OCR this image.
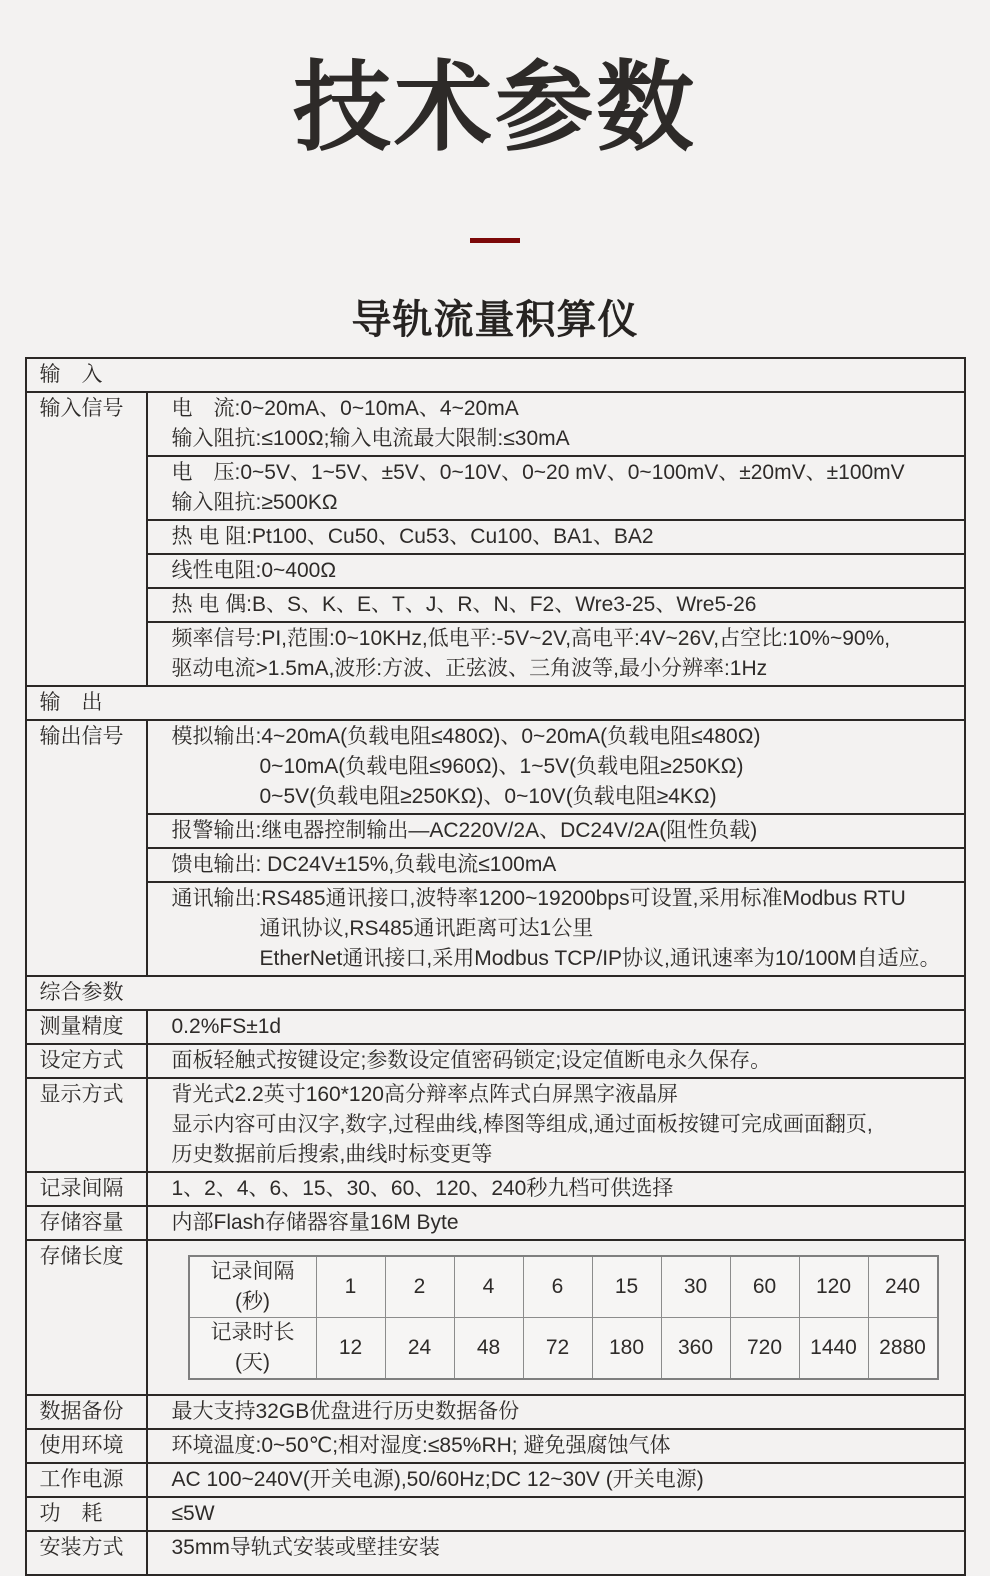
技术参数
导轨流量积算仪
输　入
输入信号	电　流:0~20mA、0~10mA、4~20mA
输入阻抗:≤100Ω;输入电流最大限制:≤30mA

电　压:0~5V、1~5V、±5V、0~10V、0~20 mV、0~100mV、±20mV、±100mV
输入阻抗:≥500KΩ

热 电 阻:Pt100、Cu50、Cu53、Cu100、BA1、BA2

线性电阻:0~400Ω

热 电 偶:B、S、K、E、T、J、R、N、F2、Wre3-25、Wre5-26

频率信号:PI,范围:0~10KHz,低电平:-5V~2V,高电平:4V~26V,占空比:10%~90%,
驱动电流>1.5mA,波形:方波、正弦波、三角波等,最小分辨率:1Hz

输　出
输出信号	模拟输出:4~20mA(负载电阻≤480Ω)、0~20mA(负载电阻≤480Ω)
0~10mA(负载电阻≤960Ω)、1~5V(负载电阻≥250KΩ)
0~5V(负载电阻≥250KΩ)、0~10V(负载电阻≥4KΩ)

报警输出:继电器控制输出—AC220V/2A、DC24V/2A(阻性负载)

馈电输出: DC24V±15%,负载电流≤100mA

通讯输出:RS485通讯接口,波特率1200~19200bps可设置,采用标准Modbus RTU
通讯协议,RS485通讯距离可达1公里
EtherNet通讯接口,采用Modbus TCP/IP协议,通讯速率为10/100M自适应。

综合参数
测量精度	0.2%FS±1d

设定方式	面板轻触式按键设定;参数设定值密码锁定;设定值断电永久保存。

显示方式	背光式2.2英寸160*120高分辩率点阵式白屏黑字液晶屏
显示内容可由汉字,数字,过程曲线,棒图等组成,通过面板按键可完成画面翻页,
历史数据前后搜索,曲线时标变更等

记录间隔	1、2、4、6、15、30、60、120、240秒九档可供选择

存储容量	内部Flash存储器容量16M Byte

存储长度	
记录间隔(秒)	1	2	4	6	15	30	60	120	240
记录时长(天)	12	24	48	72	180	360	720	1440	2880

数据备份	最大支持32GB优盘进行历史数据备份

使用环境	环境温度:0~50℃;相对湿度:≤85%RH; 避免强腐蚀气体

工作电源	AC 100~240V(开关电源),50/60Hz;DC 12~30V (开关电源)

功　耗	≤5W

安装方式	35mm导轨式安装或壁挂安装
